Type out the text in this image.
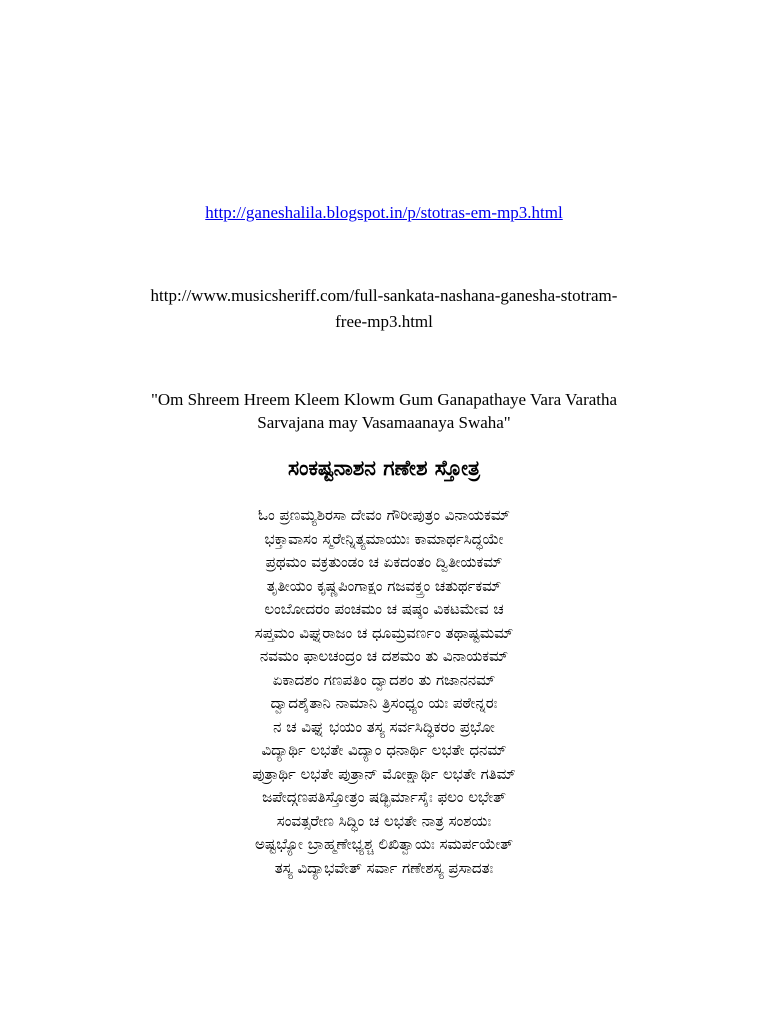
http://ganeshalila.blogspot.in/p/stotras-em-mp3.html
http://www.musicsheriff.com/full-sankata-nashana-ganesha-stotram-
free-mp3.html
"Om Shreem Hreem Kleem Klowm Gum Ganapathaye Vara Varatha
Sarvajana may Vasamaanaya Swaha"
ಸಂಕಷ್ಟನಾಶನ ಗಣೇಶ ಸ್ತೋತ್ರ
ಓಂ ಪ್ರಣಮ್ಯಶಿರಸಾ ದೇವಂ ಗೌರೀಪುತ್ರಂ ವಿನಾಯಕಮ್
ಭಕ್ತಾವಾಸಂ ಸ್ಮರೇನ್ನಿತ್ಯಮಾಯುಃ ಕಾಮಾರ್ಥಸಿದ್ಧಯೇ
ಪ್ರಥಮಂ ವಕ್ರತುಂಡಂ ಚ ಏಕದಂತಂ ದ್ವಿತೀಯಕಮ್
ತೃತೀಯಂ ಕೃಷ್ಣಪಿಂಗಾಕ್ಷಂ ಗಜವಕ್ತ್ರಂ ಚತುರ್ಥಕಮ್
ಲಂಬೋದರಂ ಪಂಚಮಂ ಚ ಷಷ್ಠಂ ವಿಕಟಮೇವ ಚ
ಸಪ್ತಮಂ ವಿಘ್ನರಾಜಂ ಚ ಧೂಮ್ರವರ್ಣಂ ತಥಾಷ್ಟಮಮ್
ನವಮಂ ಫಾಲಚಂದ್ರಂ ಚ ದಶಮಂ ತು ವಿನಾಯಕಮ್
ಏಕಾದಶಂ ಗಣಪತಿಂ ದ್ವಾದಶಂ ತು ಗಜಾನನಮ್
ದ್ವಾದಶೈತಾನಿ ನಾಮಾನಿ ತ್ರಿಸಂಧ್ಯಂ ಯಃ ಪಠೇನ್ನರಃ
ನ ಚ ವಿಘ್ನ ಭಯಂ ತಸ್ಯ ಸರ್ವಸಿದ್ಧಿಕರಂ ಪ್ರಭೋ
ವಿದ್ಯಾರ್ಥಿ ಲಭತೇ ವಿದ್ಯಾಂ ಧನಾರ್ಥಿ ಲಭತೇ ಧನಮ್
ಪುತ್ರಾರ್ಥಿ ಲಭತೇ ಪುತ್ರಾನ್ ಮೋಕ್ಷಾರ್ಥಿ ಲಭತೇ ಗತಿಮ್
ಜಪೇದ್ಗಣಪತಿಸ್ತೋತ್ರಂ ಷಡ್ಭಿರ್ಮಾಸೈಃ ಫಲಂ ಲಭೇತ್
ಸಂವತ್ಸರೇಣ ಸಿದ್ಧಿಂ ಚ ಲಭತೇ ನಾತ್ರ ಸಂಶಯಃ
ಅಷ್ಟಭ್ಯೋ ಬ್ರಾಹ್ಮಣೇಭ್ಯಶ್ಚ ಲಿಖಿತ್ವಾಯಃ ಸಮರ್ಪಯೇತ್
ತಸ್ಯ ವಿದ್ಯಾಭವೇತ್ ಸರ್ವಾ ಗಣೇಶಸ್ಯ ಪ್ರಸಾದತಃ
